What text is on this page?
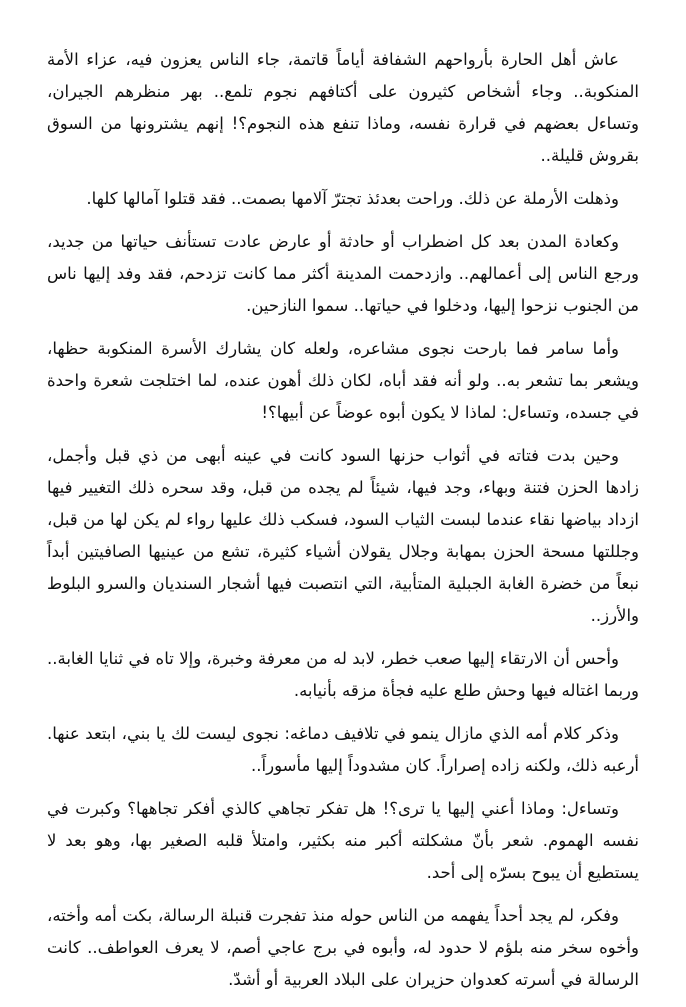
عاش أهل الحارة بأرواحهم الشفافة أياماً قاتمة، جاء الناس يعزون فيه، عزاء الأمة المنكوبة.. وجاء أشخاص كثيرون على أكتافهم نجوم تلمع.. بهر منظرهم الجيران، وتساءل بعضهم في قرارة نفسه، وماذا تنفع هذه النجوم؟! إنهم يشترونها من السوق بقروش قليلة..

وذهلت الأرملة عن ذلك. وراحت بعدئذ تجترّ آلامها بصمت.. فقد قتلوا آمالها كلها.

وكعادة المدن بعد كل اضطراب أو حادثة أو عارض عادت تستأنف حياتها من جديد، ورجع الناس إلى أعمالهم.. وازدحمت المدينة أكثر مما كانت تزدحم، فقد وفد إليها ناس من الجنوب نزحوا إليها، ودخلوا في حياتها.. سموا النازحين.

وأما سامر فما بارحت نجوى مشاعره، ولعله كان يشارك الأسرة المنكوبة حظها، ويشعر بما تشعر به.. ولو أنه فقد أباه، لكان ذلك أهون عنده، لما اختلجت شعرة واحدة في جسده، وتساءل: لماذا لا يكون أبوه عوضاً عن أبيها؟!

وحين بدت فتاته في أثواب حزنها السود كانت في عينه أبهى من ذي قبل وأجمل، زادها الحزن فتنة وبهاء، وجد فيها، شيئاً لم يجده من قبل، وقد سحره ذلك التغيير فيها ازداد بياضها نقاء عندما لبست الثياب السود، فسكب ذلك عليها رواء لم يكن لها من قبل، وجللتها مسحة الحزن بمهابة وجلال يقولان أشياء كثيرة، تشع من عينيها الصافيتين أبداً نبعاً من خضرة الغابة الجبلية المتأبية، التي انتصبت فيها أشجار السنديان والسرو البلوط والأرز..

وأحس أن الارتقاء إليها صعب خطر، لابد له من معرفة وخبرة، وإلا تاه في ثنايا الغابة.. وربما اغتاله فيها وحش طلع عليه فجأة مزقه بأنيابه.

وذكر كلام أمه الذي مازال ينمو في تلافيف دماغه: نجوى ليست لك يا بني، ابتعد عنها. أرعبه ذلك، ولكنه زاده إصراراً. كان مشدوداً إليها مأسوراً..

وتساءل: وماذا أعني إليها يا ترى؟! هل تفكر تجاهي كالذي أفكر تجاهها؟ وكبرت في نفسه الهموم. شعر بأنّ مشكلته أكبر منه بكثير، وامتلأ قلبه الصغير بها، وهو بعد لا يستطيع أن يبوح بسرّه إلى أحد.

وفكر، لم يجد أحداً يفهمه من الناس حوله منذ تفجرت قنبلة الرسالة، بكت أمه وأخته، وأخوه سخر منه بلؤم لا حدود له، وأبوه في برج عاجي أصم، لا يعرف العواطف.. كانت الرسالة في أسرته كعدوان حزيران على البلاد العربية أو أشدّ.
